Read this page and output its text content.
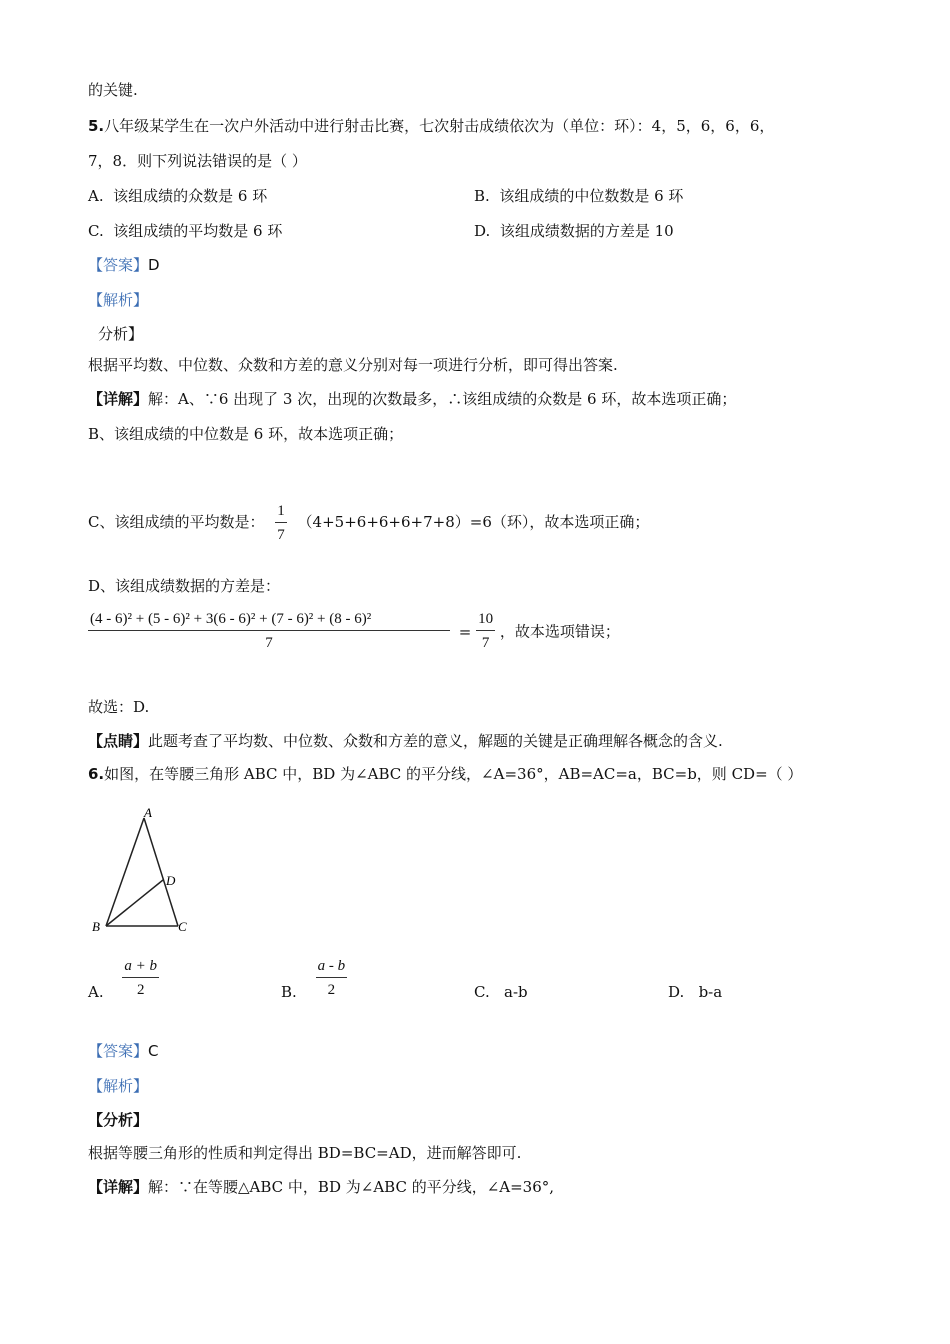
的关键.
5.八年级某学生在一次户外活动中进行射击比赛，七次射击成绩依次为（单位：环）：4，5，6，6，6，
7，8．则下列说法错误的是（ ）
A. 该组成绩的众数是 6 环	B. 该组成绩的中位数数是 6 环
C. 该组成绩的平均数是 6 环	D. 该组成绩数据的方差是 10
【答案】D
【解析】
分析】
根据平均数、中位数、众数和方差的意义分别对每一项进行分析，即可得出答案.
【详解】解：A、∵6 出现了 3 次，出现的次数最多，∴该组成绩的众数是 6 环，故本选项正确；
B、该组成绩的中位数是 6 环，故本选项正确；
C、该组成绩的平均数是： $\frac{1}{7} (4+5+6+6+6+7+8)=6$（环），故本选项正确；
D、该组成绩数据的方差是：
$\frac{\text{(4 - 6)² + (5 - 6)² + 3(6 - 6)² + (7 - 6)² + (8 - 6)²}}{7} = \frac{10}{7}$ ，故本选项错误；
故选：D.
【点睛】此题考查了平均数、中位数、众数和方差的意义，解题的关键是正确理解各概念的含义.
6.如图，在等腰三角形 ABC 中，BD 为∠ABC 的平分线，∠A=36°，AB=AC=a，BC=b，则 CD=（ ）
A
B	C
D
A. $\frac{a + b}{2}$	B. $\frac{a - b}{2}$	C. a-b	D. b-a
【答案】C
【解析】
【分析】
根据等腰三角形的性质和判定得出 BD=BC=AD，进而解答即可.
【详解】解：∵在等腰△ABC 中，BD 为∠ABC 的平分线，∠A=36°,
